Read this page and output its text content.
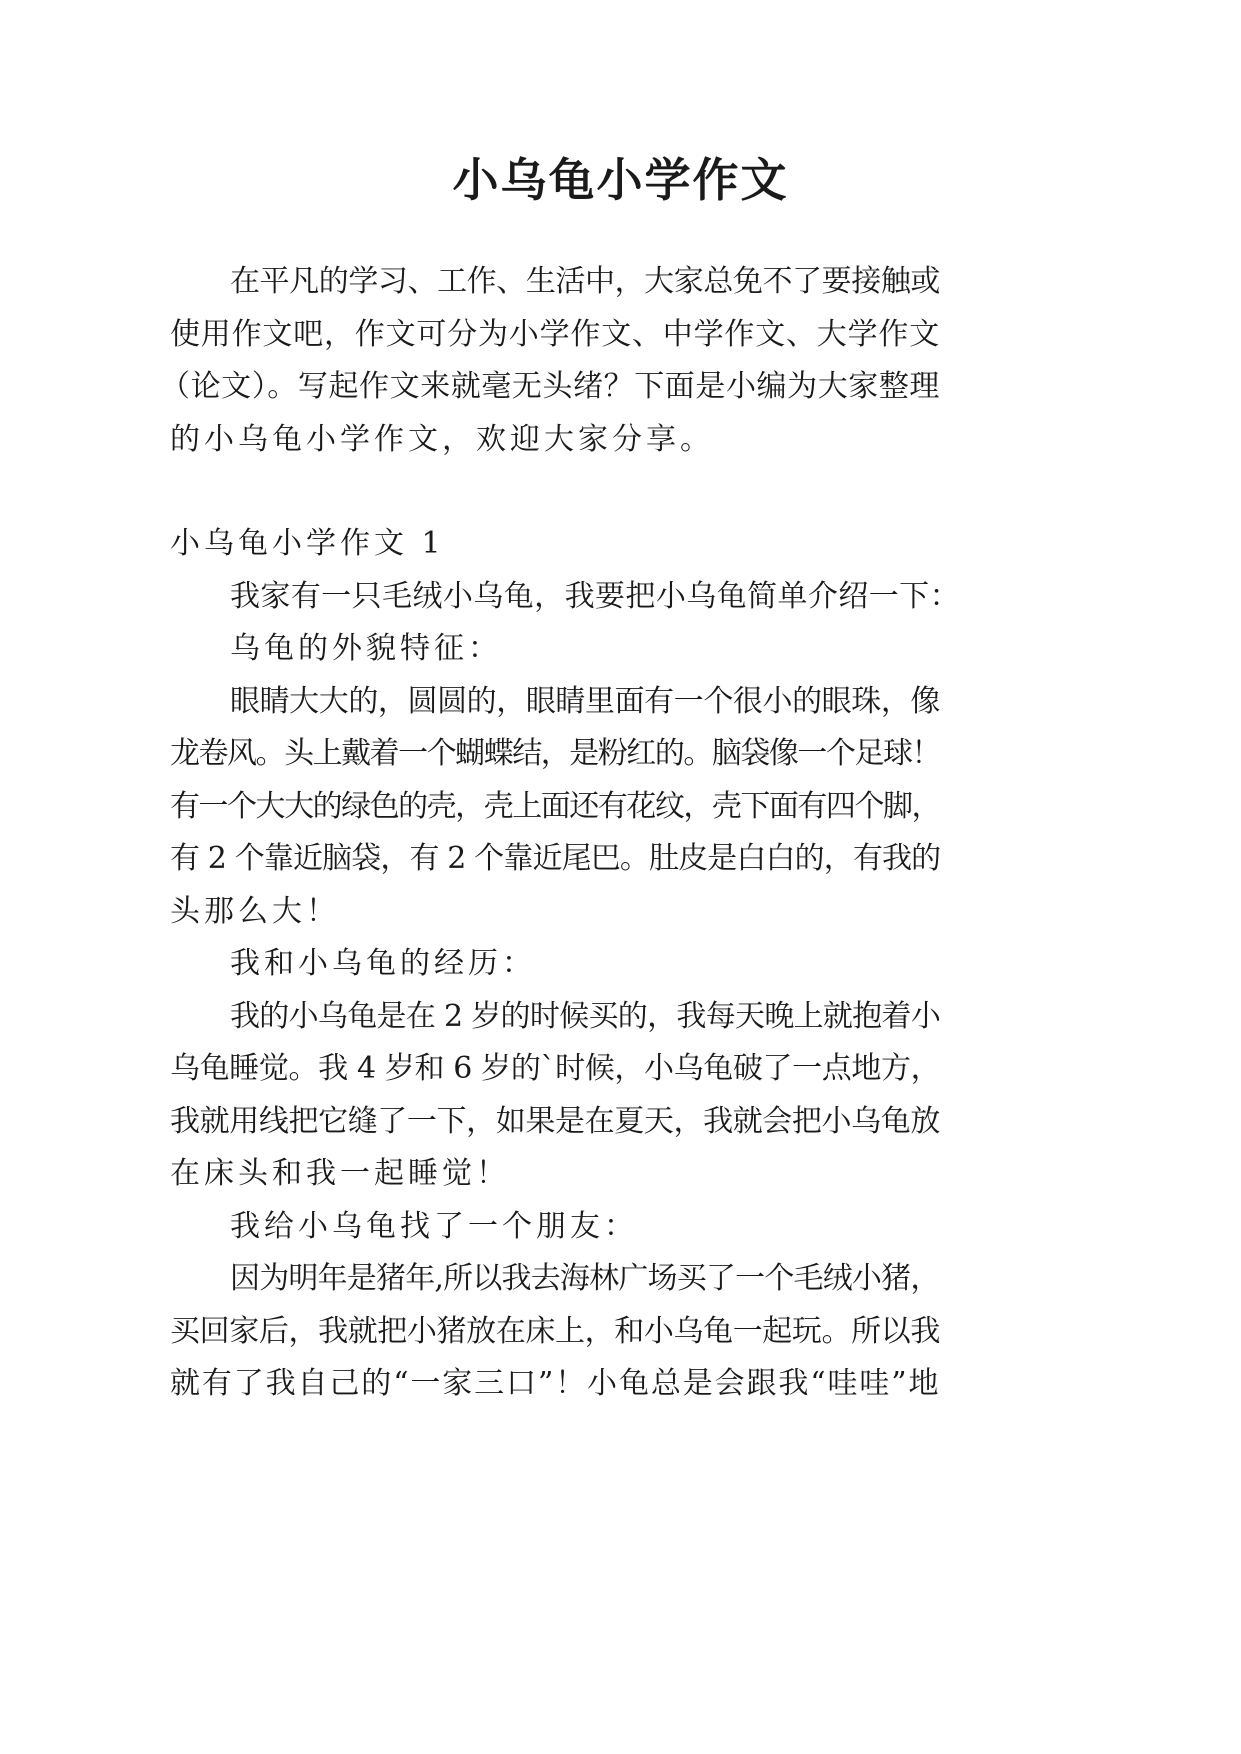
小乌龟小学作文
在平凡的学习、工作、生活中，大家总免不了要接触或
使用作文吧，作文可分为小学作文、中学作文、大学作文
（论文）。写起作文来就毫无头绪？下面是小编为大家整理
的小乌龟小学作文，欢迎大家分享。
小乌龟小学作文 1
我家有一只毛绒小乌龟，我要把小乌龟简单介绍一下：
乌龟的外貌特征：
眼睛大大的，圆圆的，眼睛里面有一个很小的眼珠，像
龙卷风。头上戴着一个蝴蝶结，是粉红的。脑袋像一个足球！
有一个大大的绿色的壳，壳上面还有花纹，壳下面有四个脚，
有 2 个靠近脑袋，有 2 个靠近尾巴。肚皮是白白的，有我的
头那么大！
我和小乌龟的经历：
我的小乌龟是在 2 岁的时候买的，我每天晚上就抱着小
乌龟睡觉。我 4 岁和 6 岁的`时候，小乌龟破了一点地方，
我就用线把它缝了一下，如果是在夏天，我就会把小乌龟放
在床头和我一起睡觉！
我给小乌龟找了一个朋友：
因为明年是猪年,所以我去海林广场买了一个毛绒小猪，
买回家后，我就把小猪放在床上，和小乌龟一起玩。所以我
就有了我自己的“一家三口”！小龟总是会跟我“哇哇”地
